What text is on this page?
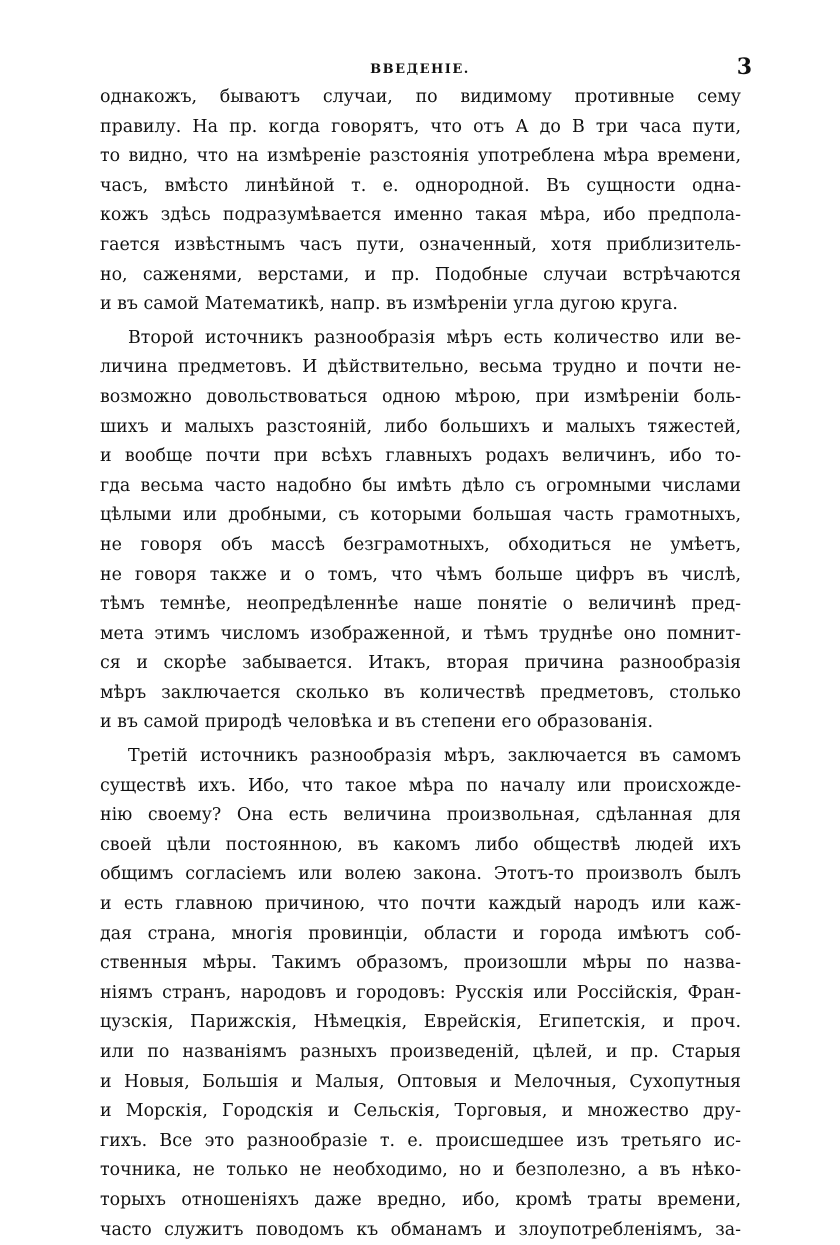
ВВЕДЕНІЕ.	3
однакожъ, бываютъ случаи, по видимому противные сему
правилу. На пр. когда говорятъ, что отъ А до В три часа пути,
то видно, что на измѣреніе разстоянія употреблена мѣра времени,
часъ, вмѣсто линѣйной т. е. однородной. Въ сущности одна-
кожъ здѣсь подразумѣвается именно такая мѣра, ибо предпола-
гается извѣстнымъ часъ пути, означенный, хотя приблизитель-
но, саженями, верстами, и пр. Подобные случаи встрѣчаются
и въ самой Математикѣ, напр. въ измѣреніи угла дугою круга.
Второй источникъ разнообразія мѣръ есть количество или ве-
личина предметовъ. И дѣйствительно, весьма трудно и почти не-
возможно довольствоваться одною мѣрою, при измѣреніи боль-
шихъ и малыхъ разстояній, либо большихъ и малыхъ тяжестей,
и вообще почти при всѣхъ главныхъ родахъ величинъ, ибо то-
гда весьма часто надобно бы имѣть дѣло съ огромными числами
цѣлыми или дробными, съ которыми большая часть грамотныхъ,
не говоря объ массѣ безграмотныхъ, обходиться не умѣетъ,
не говоря также и о томъ, что чѣмъ больше цифръ въ числѣ,
тѣмъ темнѣе, неопредѣленнѣе наше понятіе о величинѣ пред-
мета этимъ числомъ изображенной, и тѣмъ труднѣе оно помнит-
ся и скорѣе забывается. Итакъ, вторая причина разнообразія
мѣръ заключается сколько въ количествѣ предметовъ, столько
и въ самой природѣ человѣка и въ степени его образованія.
Третій источникъ разнообразія мѣръ, заключается въ самомъ
существѣ ихъ. Ибо, что такое мѣра по началу или происхожде-
нію своему? Она есть величина произвольная, сдѣланная для
своей цѣли постоянною, въ какомъ либо обществѣ людей ихъ
общимъ согласіемъ или волею закона. Этотъ-то произволъ былъ
и есть главною причиною, что почти каждый народъ или каж-
дая страна, многія провинціи, области и города имѣютъ соб-
ственныя мѣры. Такимъ образомъ, произошли мѣры по назва-
ніямъ странъ, народовъ и городовъ: Русскія или Россійскія, Фран-
цузскія, Парижскія, Нѣмецкія, Еврейскія, Египетскія, и проч.
или по названіямъ разныхъ произведеній, цѣлей, и пр. Старыя
и Новыя, Большія и Малыя, Оптовыя и Мелочныя, Сухопутныя
и Морскія, Городскія и Сельскія, Торговыя, и множество дру-
гихъ. Все это разнообразіе т. е. происшедшее изъ третьяго ис-
точника, не только не необходимо, но и безполезно, а въ нѣко-
торыхъ отношеніяхъ даже вредно, ибо, кромѣ траты времени,
часто служитъ поводомъ къ обманамъ и злоупотребленіямъ, за-
